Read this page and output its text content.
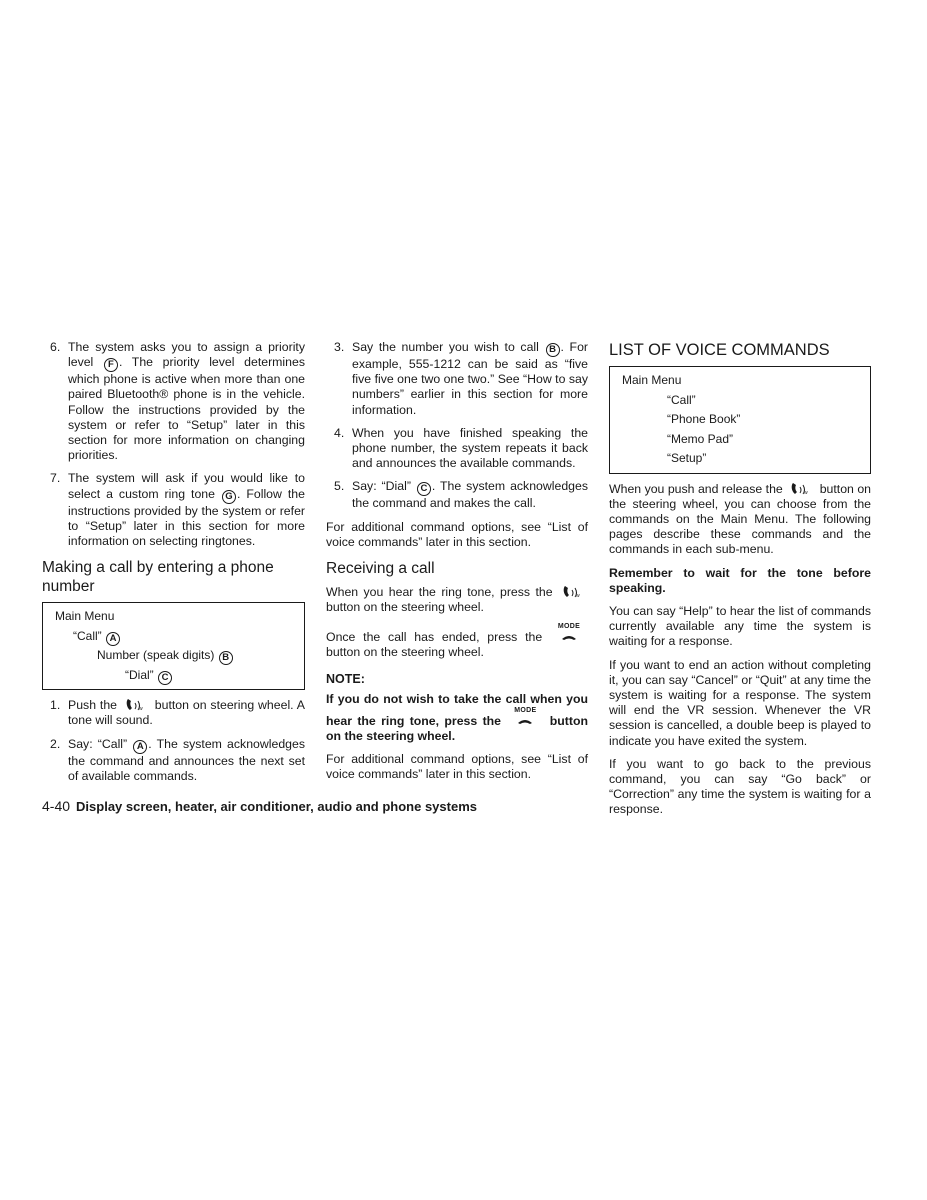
6. The system asks you to assign a priority level F . The priority level determines which phone is active when more than one paired Bluetooth® phone is in the vehicle. Follow the instructions provided by the system or refer to “Setup” later in this section for more information on changing priorities.
7. The system will ask if you would like to select a custom ring tone G . Follow the instructions provided by the system or refer to “Setup” later in this section for more information on selecting ringtones.
Making a call by entering a phone number
Main Menu
“Call” A
Number (speak digits) B
“Dial” C
1. Push the	w button on steering wheel. A tone will sound.
2. Say: “Call” A . The system acknowledges the command and announces the next set of available commands.
3. Say the number you wish to call B . For example, 555-1212 can be said as “five five five one two one two.” See “How to say numbers” earlier in this section for more information.
4. When you have finished speaking the phone number, the system repeats it back and announces the available commands.
5. Say: “Dial” C . The system acknowledges the command and makes the call.

For additional command options, see “List of voice commands” later in this section.

Receiving a call

When you hear the ring tone, press the	w
button on the steering wheel.

Once the call has ended, press the
MODE
button on the steering wheel.

NOTE:

If you do not wish to take the call when you hear the ring tone, press the
MODE
button on the steering wheel.

For additional command options, see “List of voice commands” later in this section.

LIST OF VOICE COMMANDS
Main Menu
“Call”
“Phone Book”
“Memo Pad”
“Setup”

When you push and release the	w button on the steering wheel, you can choose from the commands on the Main Menu. The following pages describe these commands and the commands in each sub-menu.

Remember to wait for the tone before speaking.

You can say “Help” to hear the list of commands currently available any time the system is waiting for a response.

If you want to end an action without completing it, you can say “Cancel” or “Quit” at any time the system is waiting for a response. The system will end the VR session. Whenever the VR session is cancelled, a double beep is played to indicate you have exited the system.

If you want to go back to the previous command, you can say “Go back” or “Correction” any time the system is waiting for a response.

4-40 Display screen, heater, air conditioner, audio and phone systems
